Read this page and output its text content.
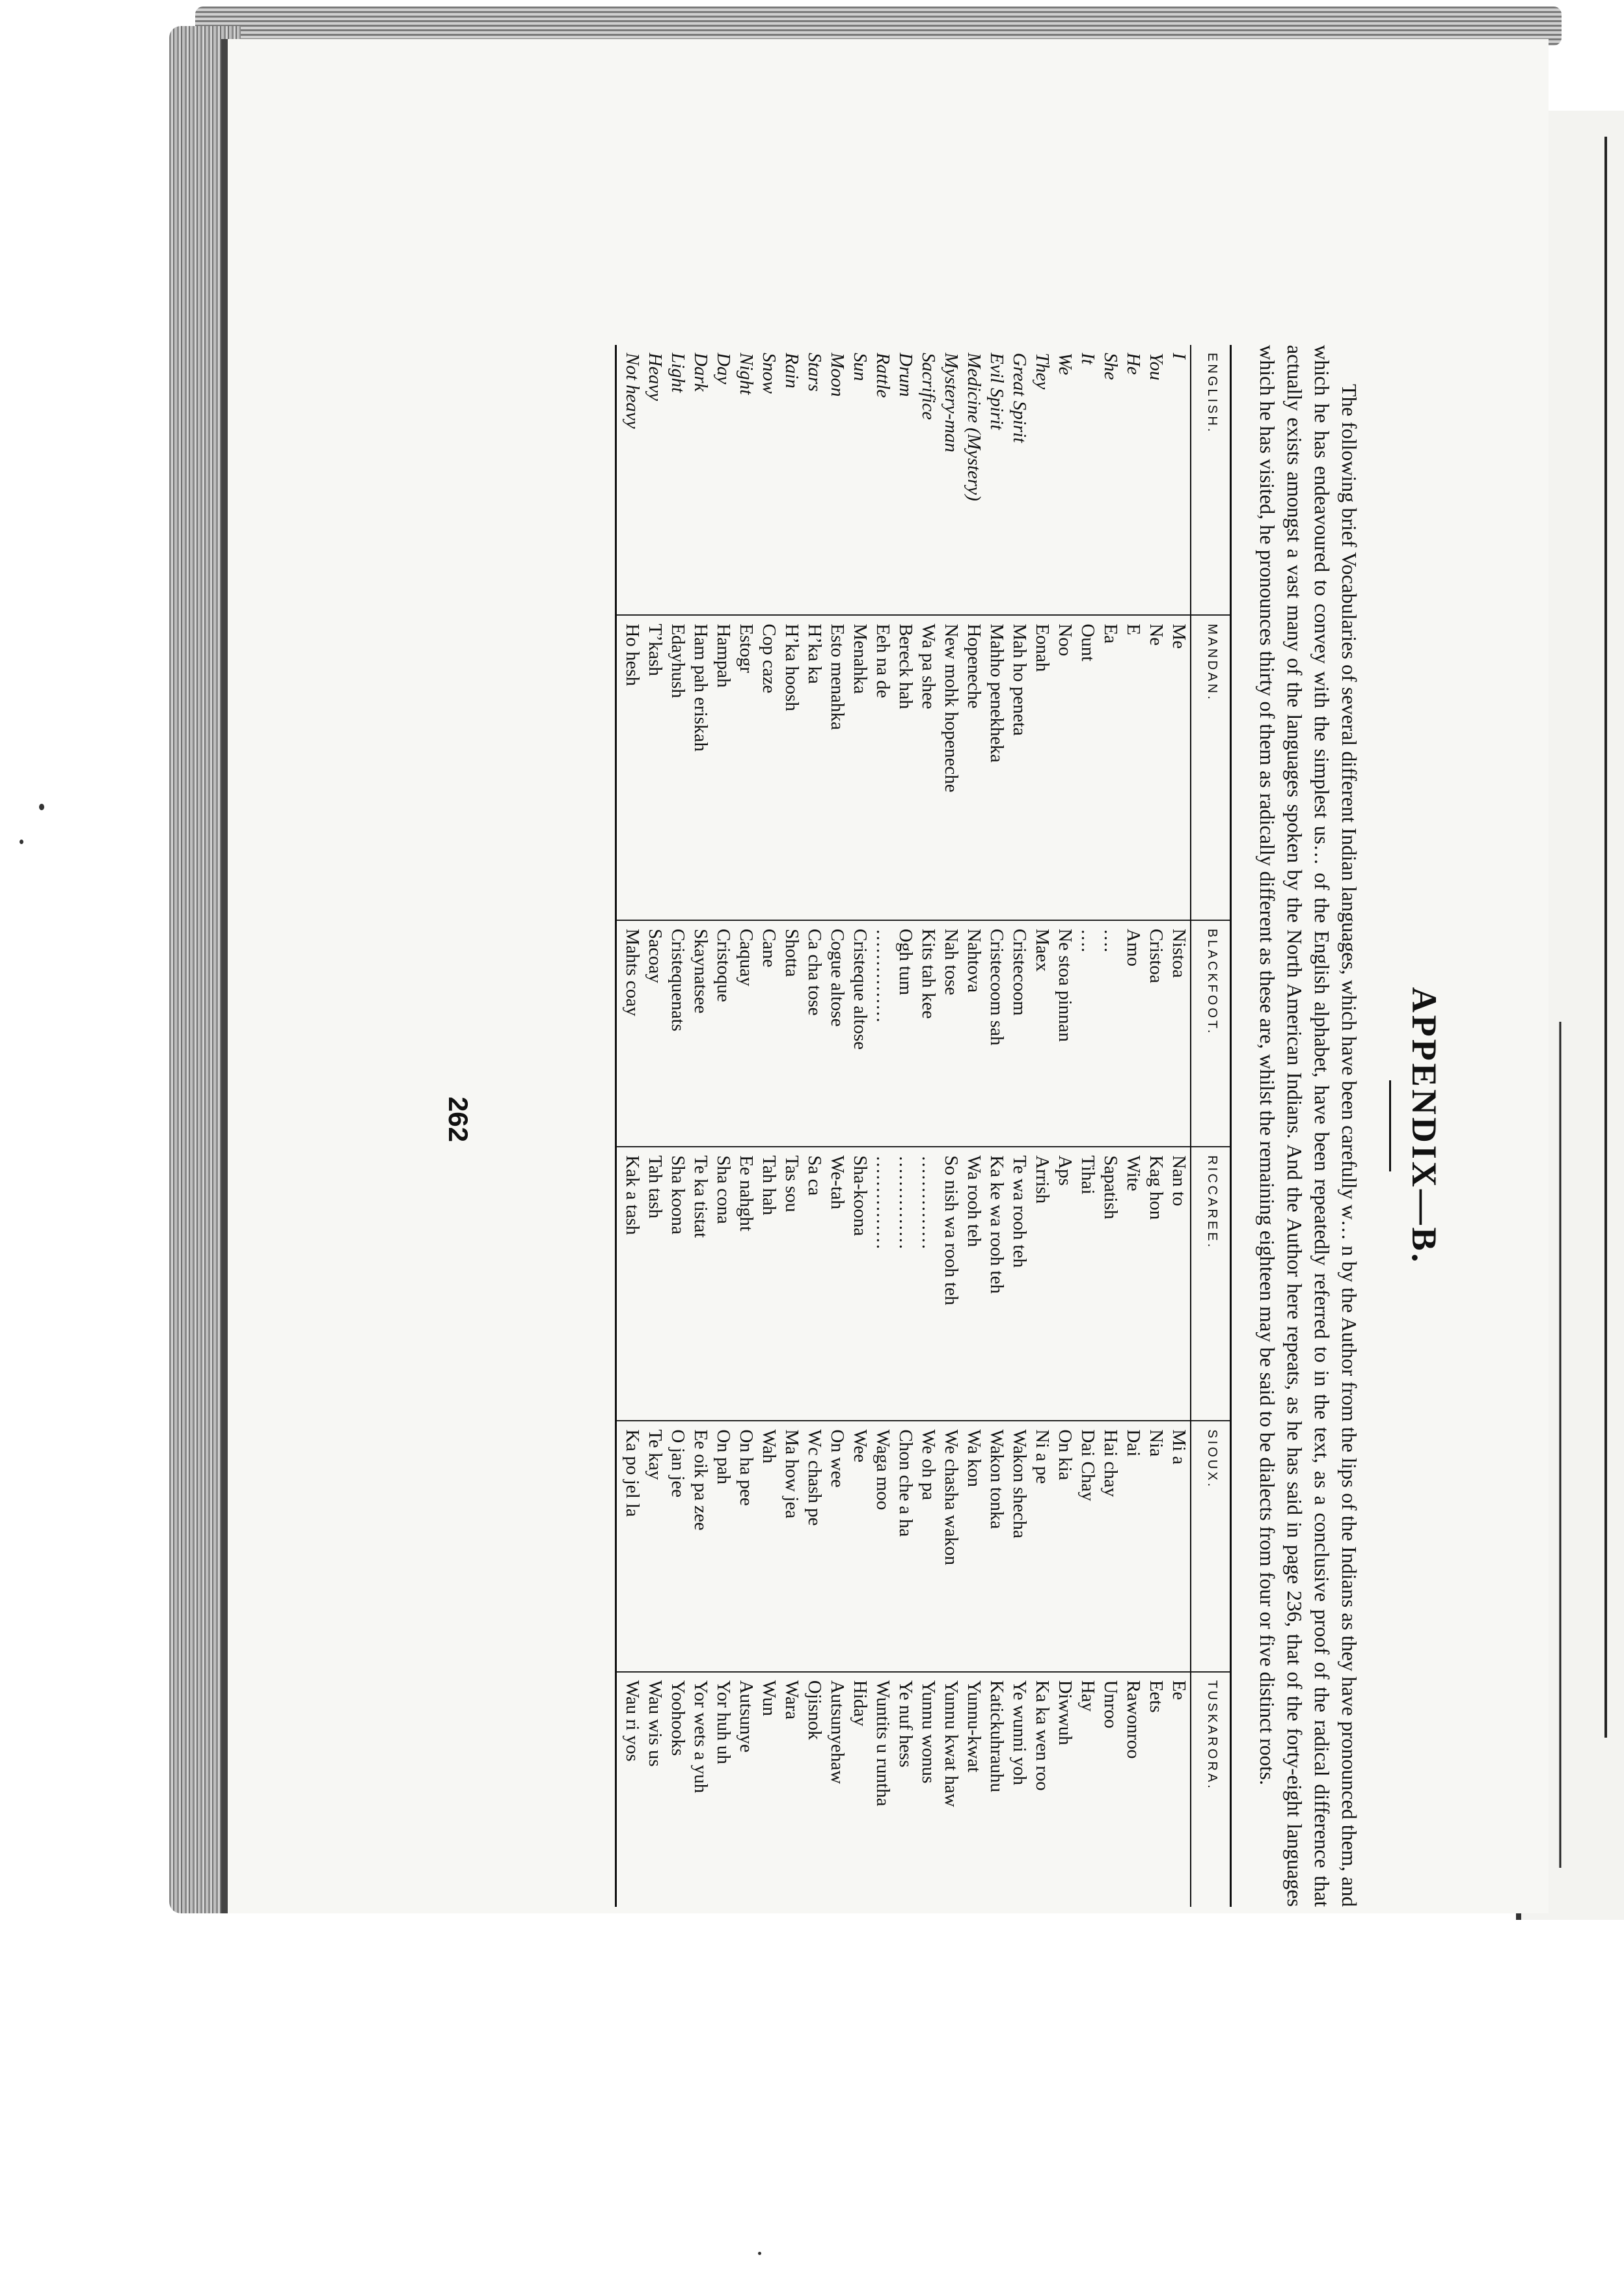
APPENDIX—B.

The following brief Vocabularies of several different Indian languages, which have been carefully w… n by the Author from the lips of the Indians as they have pronounced them, and which he has endeavoured to convey with the simplest us… of the English alphabet, have been repeatedly referred to in the text, as a conclusive proof of the radical difference that actually exists amongst a vast many of the languages spoken by the North American Indians. And the Author here repeats, as he has said in page 236, that of the forty-eight languages which he has visited, he pronounces thirty of them as radically different as these are, whilst the remaining eighteen may be said to be dialects from four or five distinct roots.

ENGLISH.	MANDAN.	BLACKFOOT.	RICCAREE.	SIOUX.	TUSKARORA.
I	Me	Nistoa	Nan to	Mi a	Ee
You	Ne	Cristoa	Kag hon	Nia	Eets
He	E	Amo	Wite	Dai	Rawonroo
She	Ea	….	Sapatish	Hai chay	Unroo
It	Ount	….	Tihai	Dai Chay	Hay
We	Noo	Ne stoa pinnan	Aps	On kia	Diwwuh
They	Eonah	Maex	Arrish	Ni a pe	Ka ka wen roo
Great Spirit	Mah ho peneta	Cristecoom	Te wa rooh teh	Wakon shecha	Ye wunni yoh
Evil Spirit	Mahho penekheka	Cristecoom sah	Ka ke wa rooh teh	Wakon tonka	Katickuhrauhu
Medicine (Mystery)	Hopeneche	Nahtova	Wa rooh teh	Wa kon	Yunnu-kwat
Mystery-man	New mohk hopeneche	Nah tose	So nish wa rooh teh	We chasha wakon	Yunnu kwat haw
Sacrifice	Wa pa shee	Kits tah kee	……………	We oh pa	Yunnu wonus
Drum	Bereck hah	Ogh tum	……………	Chon che a ha	Ye nuf hess
Rattle	Eeh na de	……………	……………	Waga moo	Wuntits u runtha
Sun	Menahka	Cristeque altose	Sha-koona	Wee	Hiday
Moon	Esto menahka	Cogue altose	We-tah	On wee	Autsunyehaw
Stars	H’ka ka	Ca cha tose	Sa ca	Wc chash pe	Ojisnok
Rain	H’ka hoosh	Shotta	Tas sou	Ma how jea	Wara
Snow	Cop caze	Cane	Tah hah	Wah	Wun
Night	Estogr	Caquay	Ee nahght	On ha pee	Autsunye
Day	Hampah	Cristoque	Sha cona	On pah	Yor huh uh
Dark	Ham pah eriskah	Skaynatsee	Te ka tistat	Ee oik pa zee	Yor wets a yuh
Light	Edayhush	Cristequenats	Sha koona	O jan jee	Yoohooks
Heavy	T’kash	Sacoay	Tah tash	Te kay	Wau wis us
Not heavy	Ho hesh	Mahts coay	Kak a tash	Ka po jel la	Wau ri yos
262
